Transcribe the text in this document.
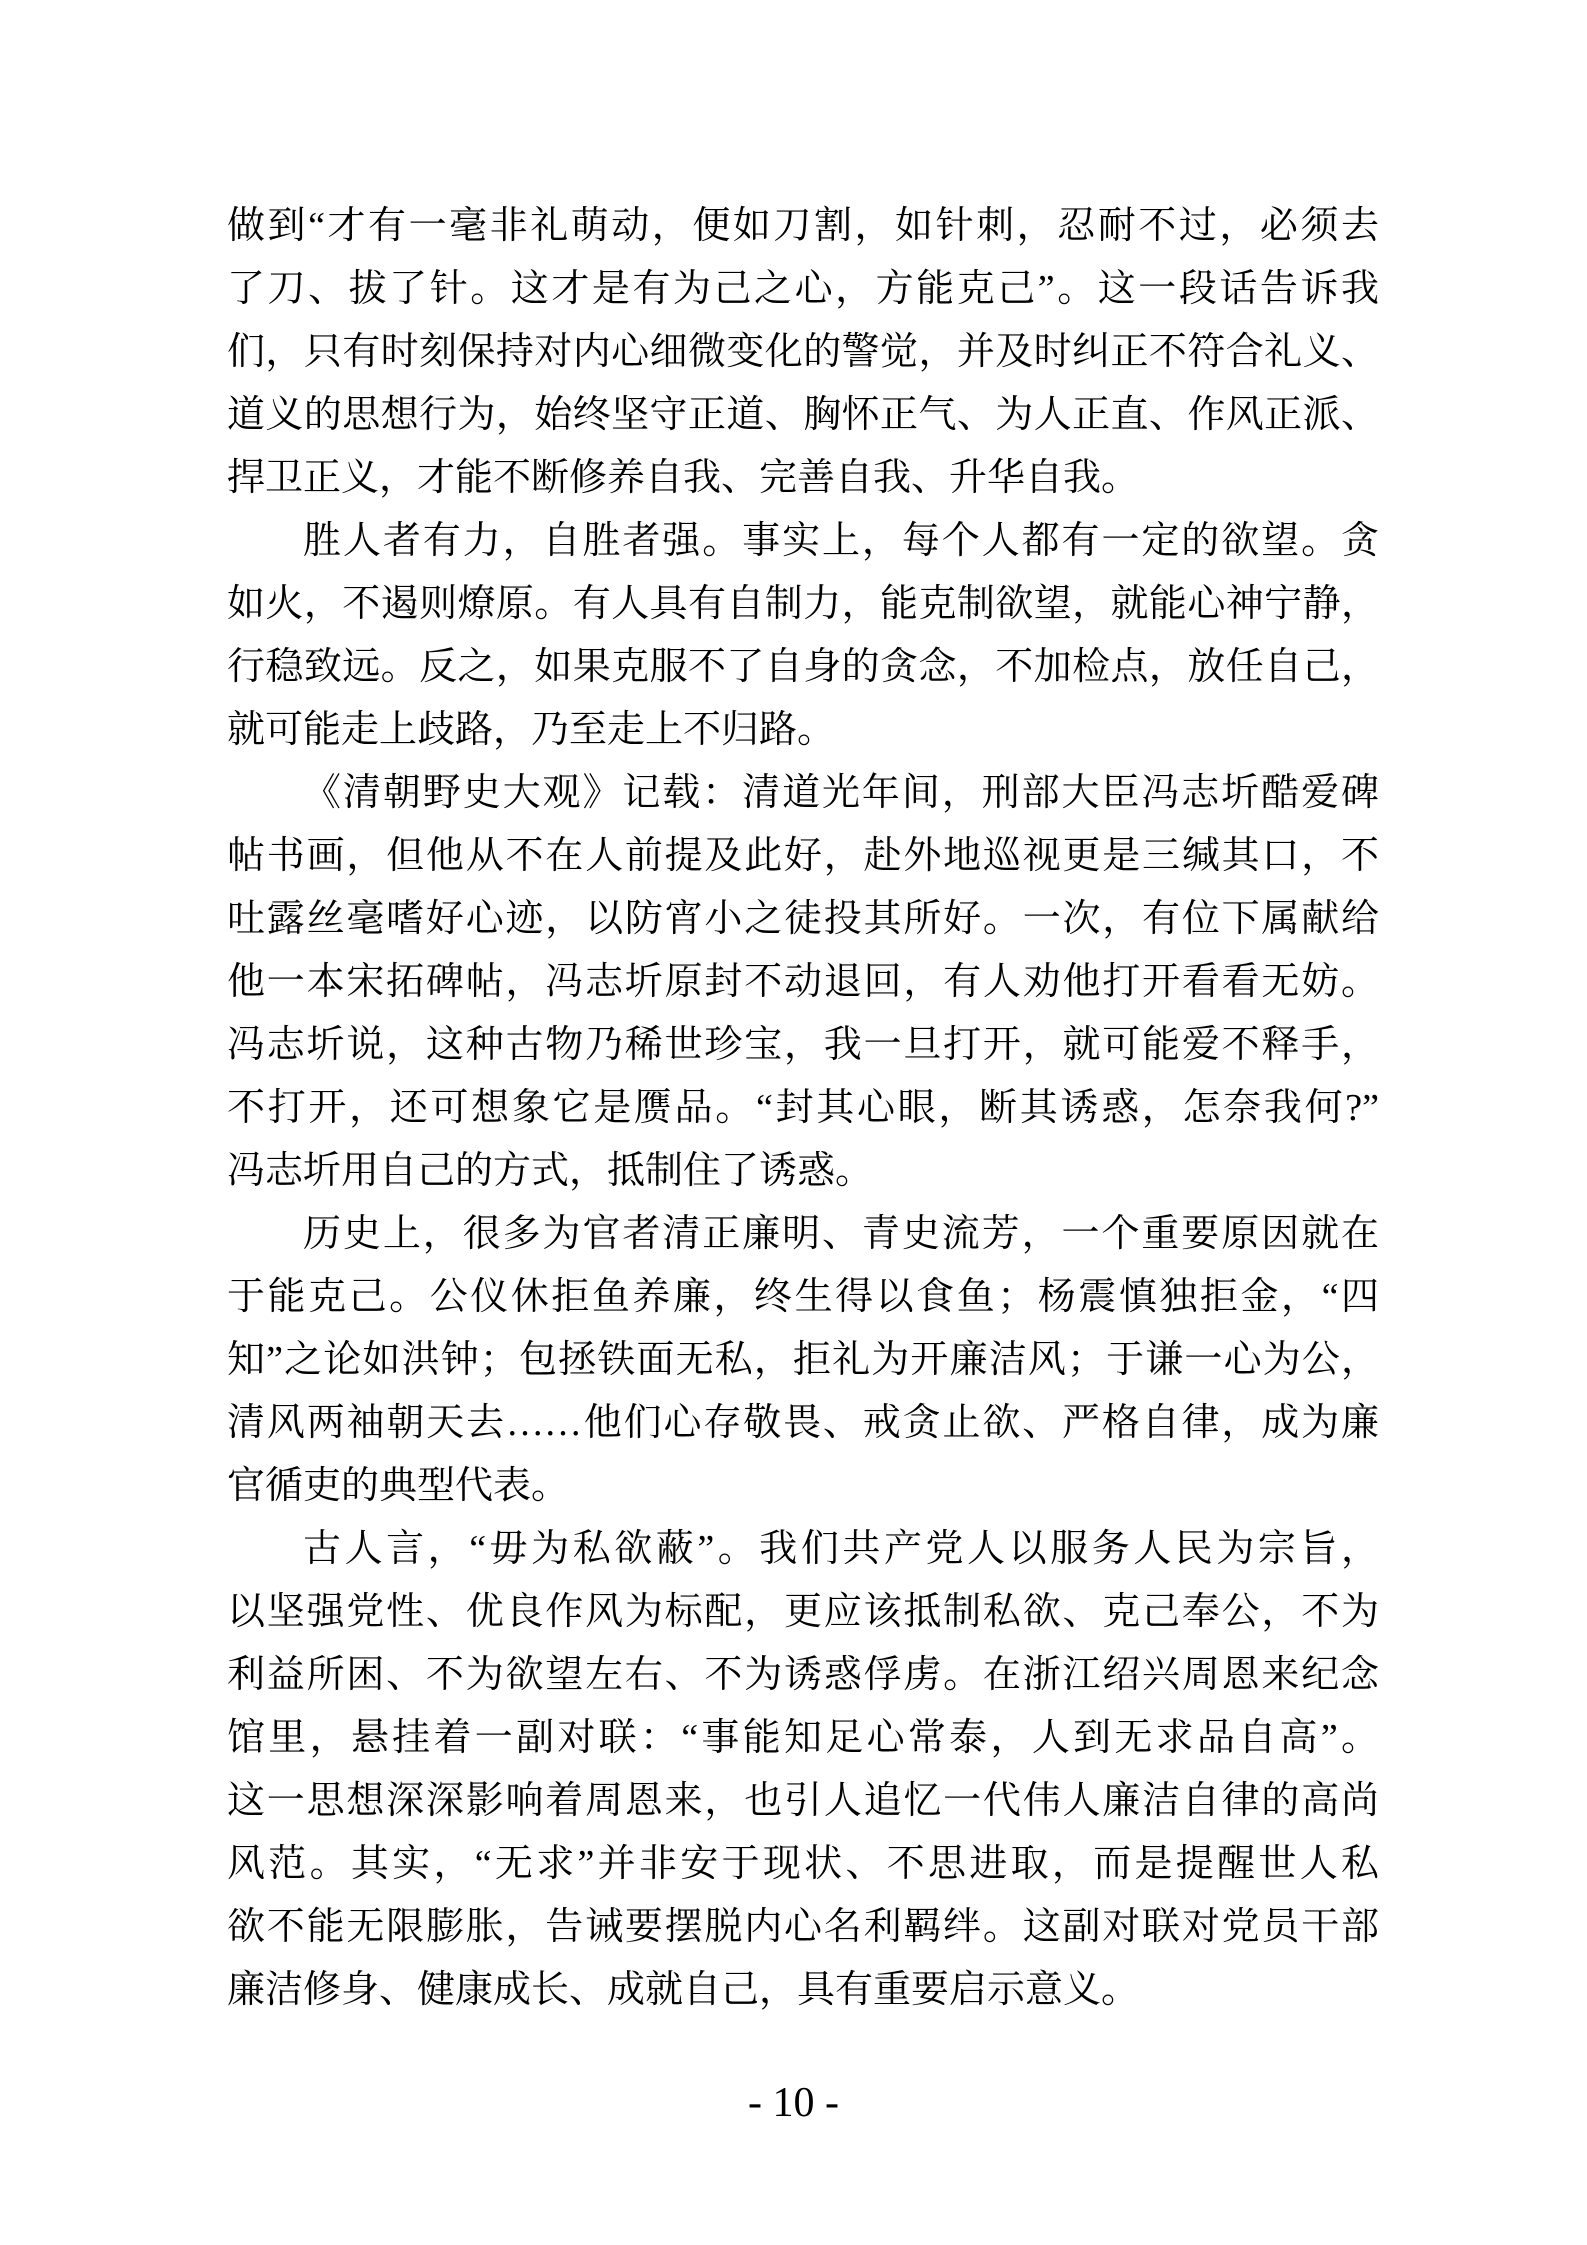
做到“才有一毫非礼萌动，便如刀割，如针刺，忍耐不过，必须去
了刀、拔了针。这才是有为己之心，方能克己”。这一段话告诉我
们，只有时刻保持对内心细微变化的警觉，并及时纠正不符合礼义、
道义的思想行为，始终坚守正道、胸怀正气、为人正直、作风正派、
捍卫正义，才能不断修养自我、完善自我、升华自我。
胜人者有力，自胜者强。事实上，每个人都有一定的欲望。贪
如火，不遏则燎原。有人具有自制力，能克制欲望，就能心神宁静，
行稳致远。反之，如果克服不了自身的贪念，不加检点，放任自己，
就可能走上歧路，乃至走上不归路。
《清朝野史大观》记载：清道光年间，刑部大臣冯志圻酷爱碑
帖书画，但他从不在人前提及此好，赴外地巡视更是三缄其口，不
吐露丝毫嗜好心迹，以防宵小之徒投其所好。一次，有位下属献给
他一本宋拓碑帖，冯志圻原封不动退回，有人劝他打开看看无妨。
冯志圻说，这种古物乃稀世珍宝，我一旦打开，就可能爱不释手，
不打开，还可想象它是赝品。“封其心眼，断其诱惑，怎奈我何?”
冯志圻用自己的方式，抵制住了诱惑。
历史上，很多为官者清正廉明、青史流芳，一个重要原因就在
于能克己。公仪休拒鱼养廉，终生得以食鱼；杨震慎独拒金，“四
知”之论如洪钟；包拯铁面无私，拒礼为开廉洁风；于谦一心为公，
清风两袖朝天去……他们心存敬畏、戒贪止欲、严格自律，成为廉
官循吏的典型代表。
古人言，“毋为私欲蔽”。我们共产党人以服务人民为宗旨，
以坚强党性、优良作风为标配，更应该抵制私欲、克己奉公，不为
利益所困、不为欲望左右、不为诱惑俘虏。在浙江绍兴周恩来纪念
馆里，悬挂着一副对联：“事能知足心常泰，人到无求品自高”。
这一思想深深影响着周恩来，也引人追忆一代伟人廉洁自律的高尚
风范。其实，“无求”并非安于现状、不思进取，而是提醒世人私
欲不能无限膨胀，告诫要摆脱内心名利羁绊。这副对联对党员干部
廉洁修身、健康成长、成就自己，具有重要启示意义。
- 10 -
